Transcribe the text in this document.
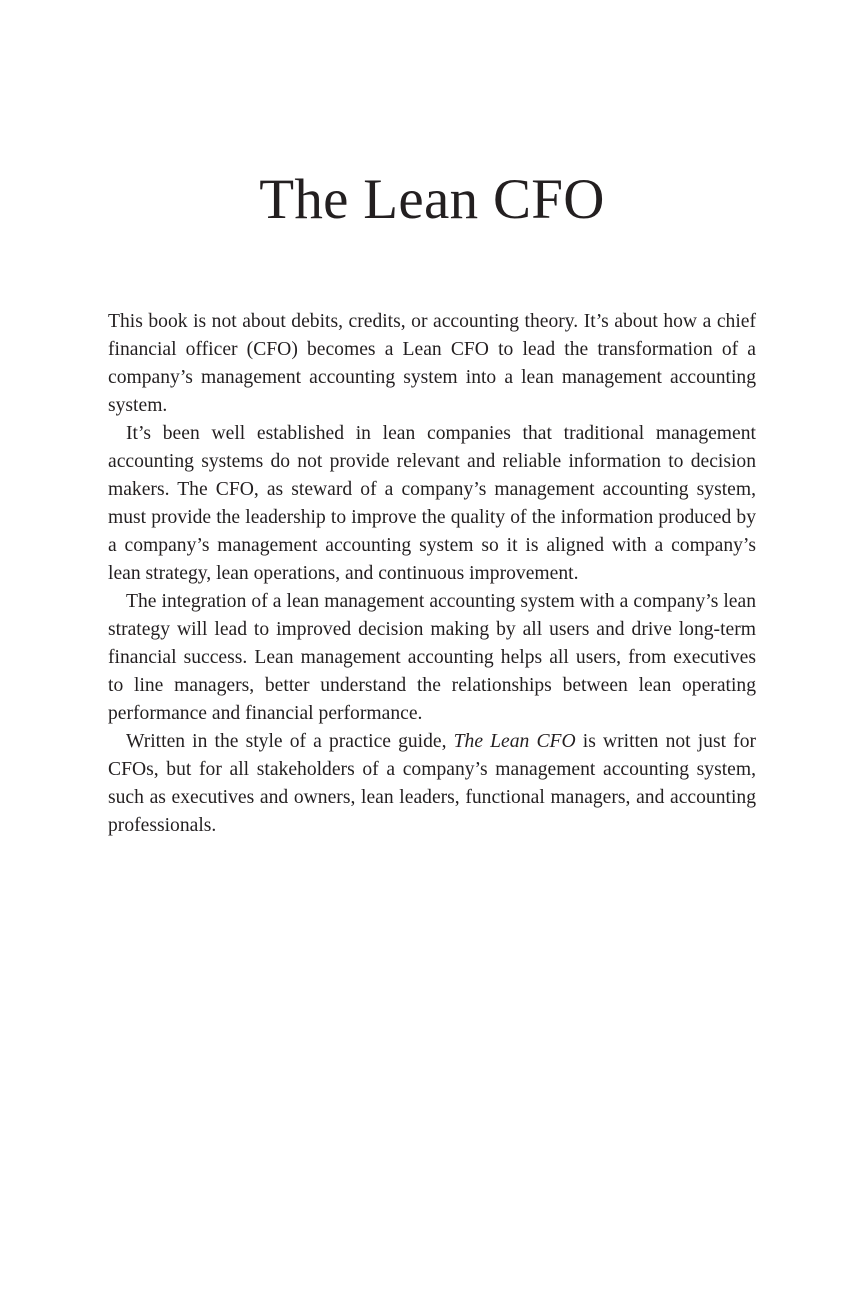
The Lean CFO

This book is not about debits, credits, or accounting theory. It’s about how a chief financial officer (CFO) becomes a Lean CFO to lead the transformation of a company’s management accounting system into a lean management accounting system.

It’s been well established in lean companies that traditional management accounting systems do not provide relevant and reliable information to decision makers. The CFO, as steward of a company’s management accounting system, must provide the leadership to improve the quality of the information produced by a company’s management accounting system so it is aligned with a company’s lean strategy, lean operations, and continuous improvement.

The integration of a lean management accounting system with a company’s lean strategy will lead to improved decision making by all users and drive long-term financial success. Lean management accounting helps all users, from executives to line managers, better understand the relationships between lean operating performance and financial performance.

Written in the style of a practice guide, The Lean CFO is written not just for CFOs, but for all stakeholders of a company’s management accounting system, such as executives and owners, lean leaders, functional managers, and accounting professionals.
